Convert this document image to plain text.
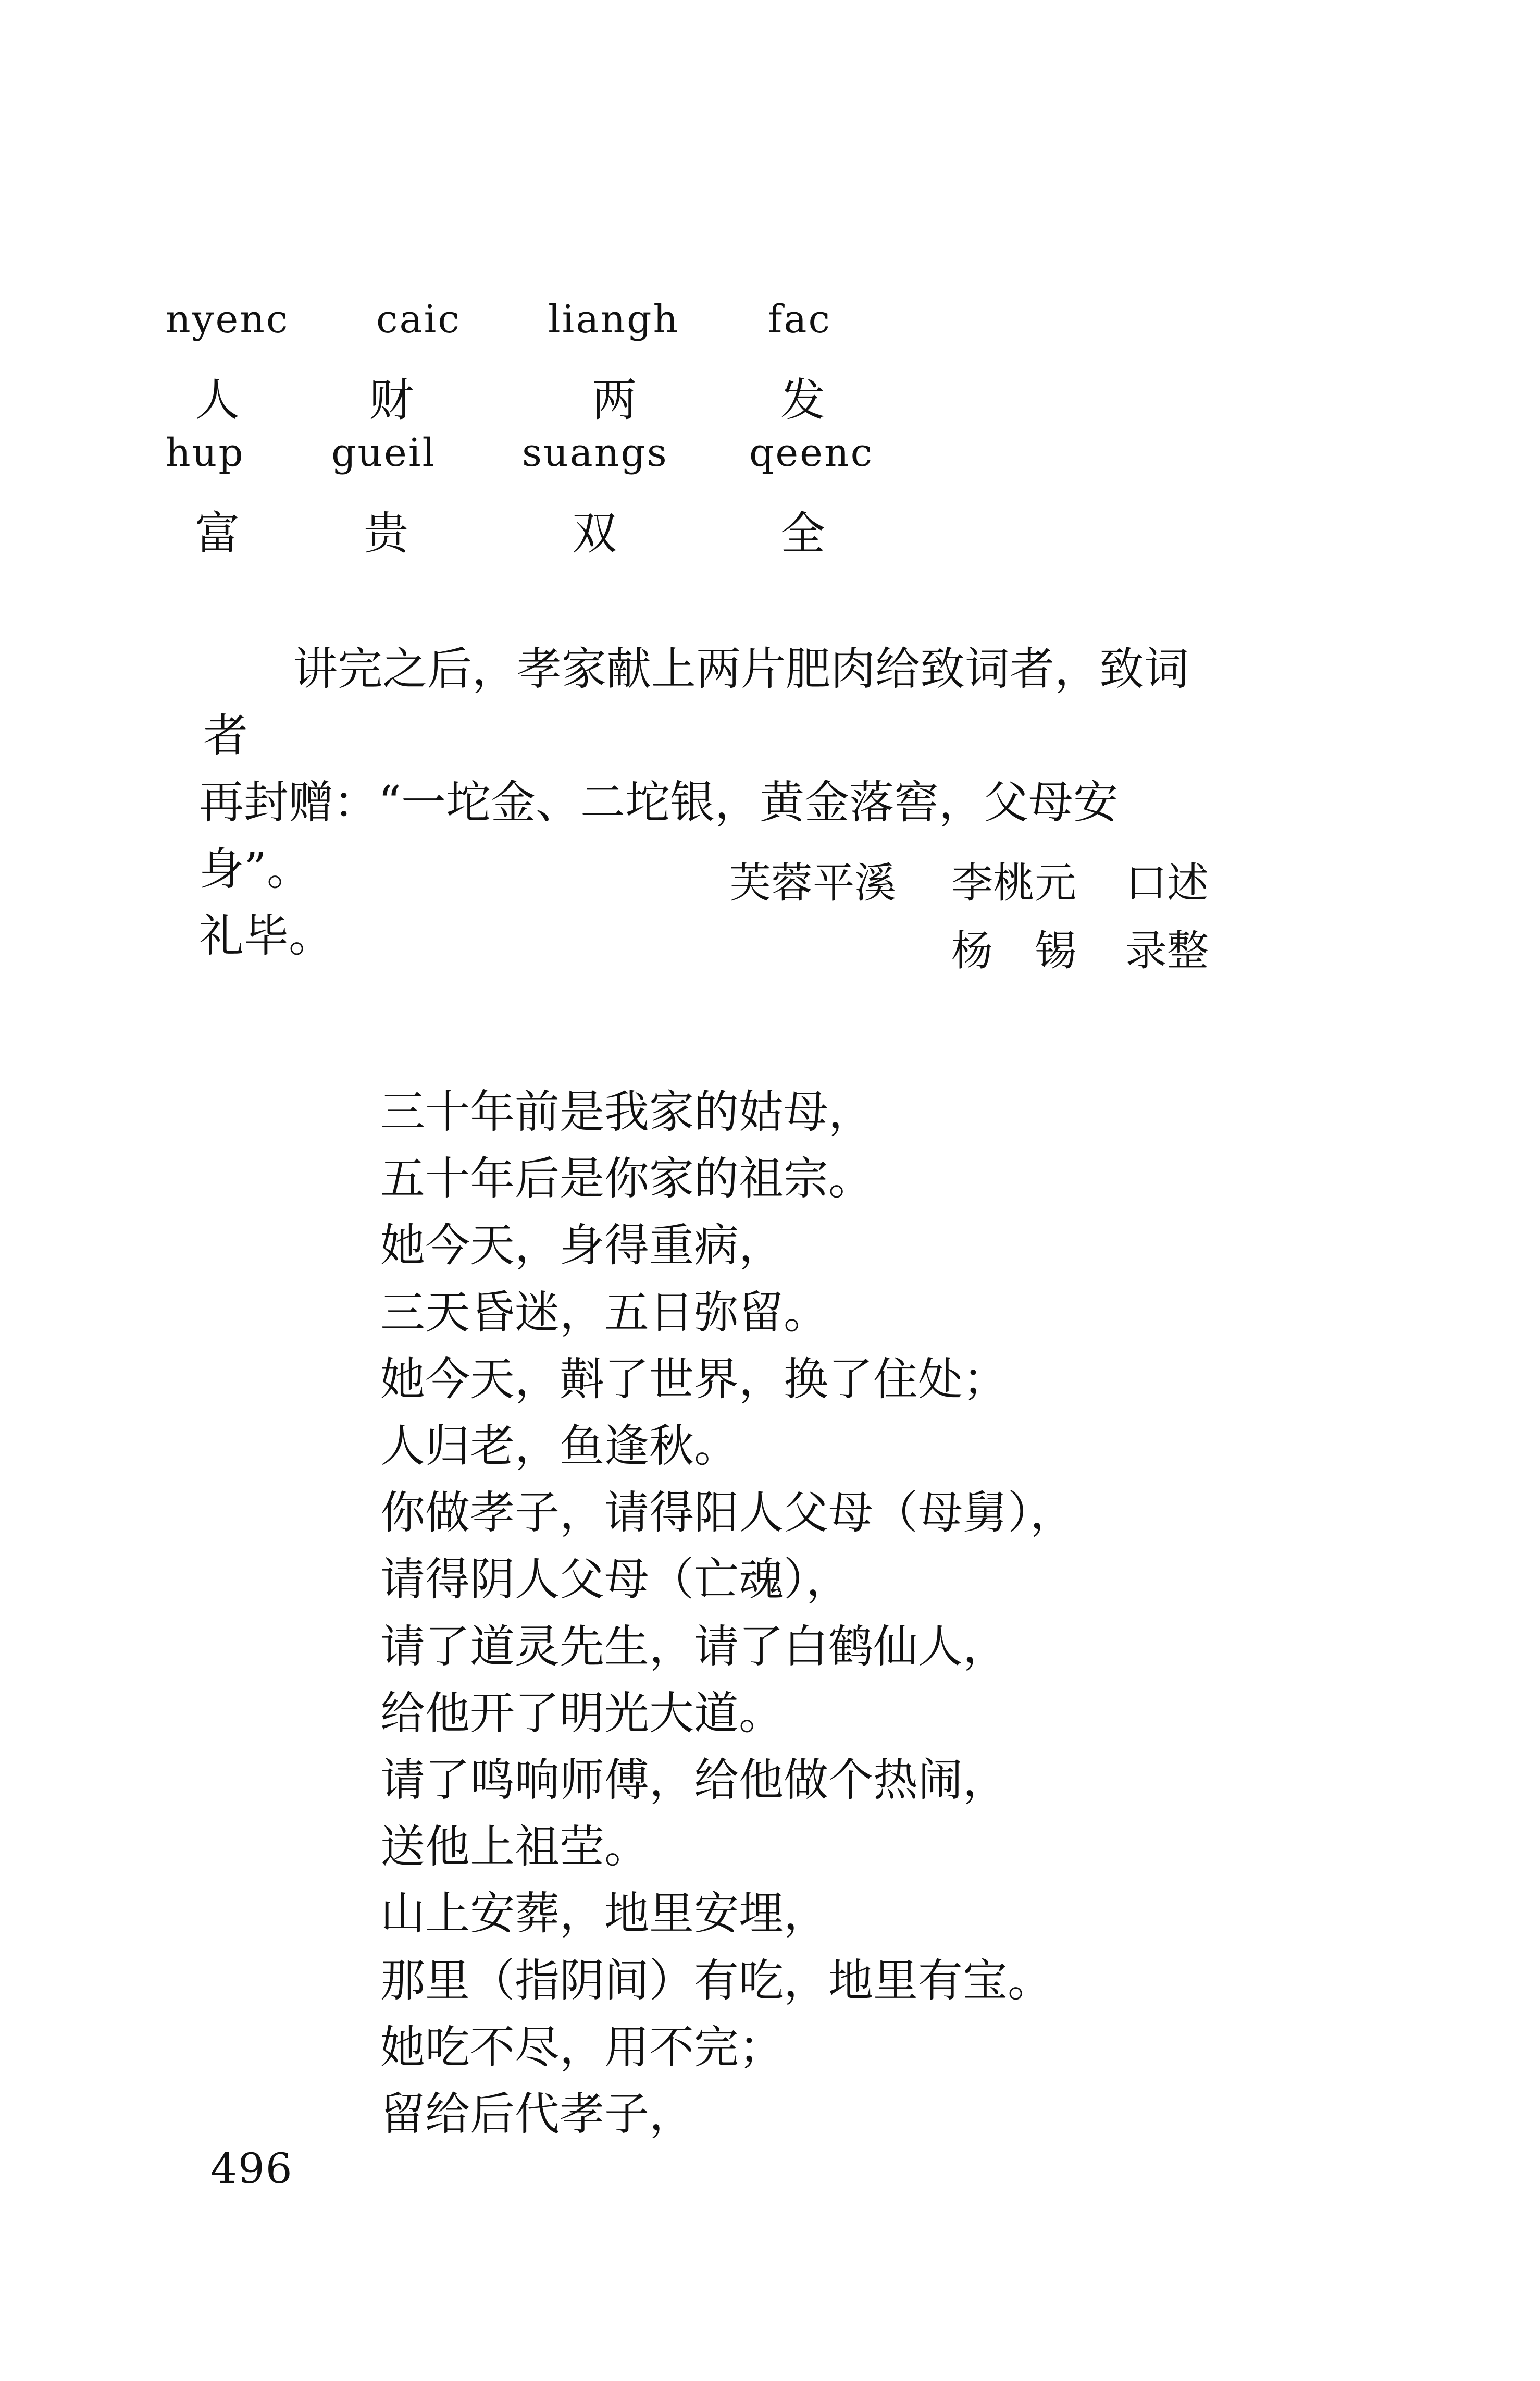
nyenc caic liangh fac
人	财	两	发
hup gueil suangs qeenc
富	贵	双	全

讲完之后，孝家献上两片肥肉给致词者，致词者

再封赠：“一坨金、二坨银，黄金落窖，父母安身”。

礼毕。

芙蓉平溪 李桃元 口述
杨　锡 录整
三十年前是我家的姑母，
五十年后是你家的祖宗。
她今天，身得重病，
三天昏迷，五日弥留。
她今天，斢了世界，换了住处；
人归老，鱼逢秋。
你做孝子，请得阳人父母（母舅），
请得阴人父母（亡魂），
请了道灵先生，请了白鹤仙人，
给他开了明光大道。
请了鸣响师傅，给他做个热闹，
送他上祖茔。
山上安葬，地里安埋，
那里（指阴间）有吃，地里有宝。
她吃不尽，用不完；
留给后代孝子，
496
